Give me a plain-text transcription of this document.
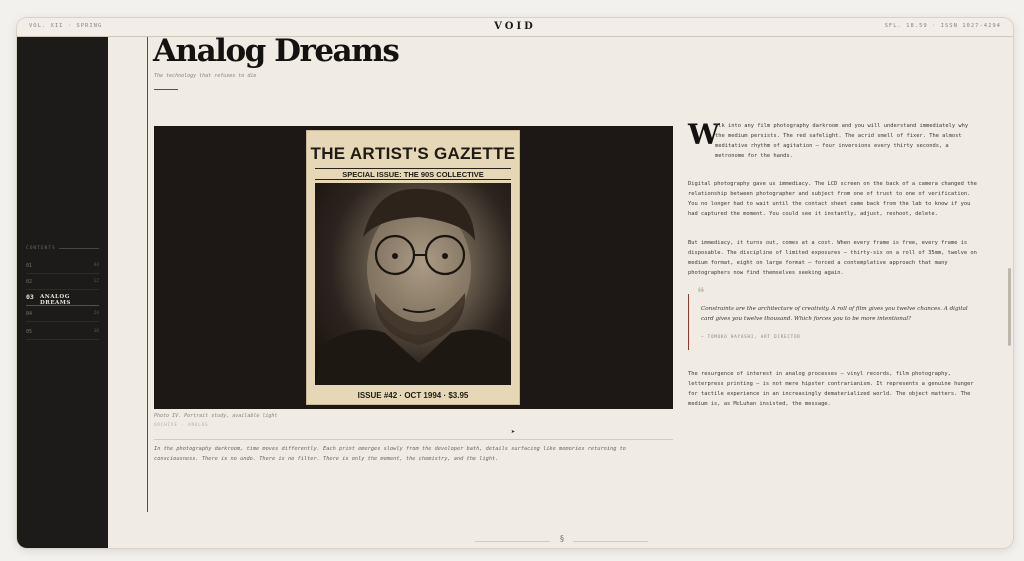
VOL. XII · SPRING	VOID	SFL. 18.59 · ISSN 1027-4294
CONTENTS
01	04
02	12
03 ANALOG DREAMS
04	24
05	30
Analog Dreams
The technology that refuses to die
THE ARTIST'S GAZETTE
SPECIAL ISSUE: THE 90S COLLECTIVE
ISSUE #42 · OCT 1994 · $3.95
Photo IV. Portrait study, available light
ARCHIVE · ANALOG

In the photography darkroom, time moves differently. Each print emerges slowly from the developer bath, details surfacing like memories returning to consciousness. There is no undo. There is no filter. There is only the moment, the chemistry, and the light.

W

alk into any film photography darkroom and you will understand immediately why the medium persists. The red safelight. The acrid smell of fixer. The almost meditative rhythm of agitation — four inversions every thirty seconds, a metronome for the hands.

Digital photography gave us immediacy. The LCD screen on the back of a camera changed the relationship between photographer and subject from one of trust to one of verification. You no longer had to wait until the contact sheet came back from the lab to know if you had captured the moment. You could see it instantly, adjust, reshoot, delete.

But immediacy, it turns out, comes at a cost. When every frame is free, every frame is disposable. The discipline of limited exposures — thirty-six on a roll of 35mm, twelve on medium format, eight on large format — forced a contemplative approach that many photographers now find themselves seeking again.

❝

Constraints are the architecture of creativity. A roll of film gives you twelve chances. A digital card gives you twelve thousand. Which forces you to be more intentional?

— TOMOKO HAYASHI, ART DIRECTOR

The resurgence of interest in analog processes — vinyl records, film photography, letterpress printing — is not mere hipster contrarianism. It represents a genuine hunger for tactile experience in an increasingly dematerialized world. The object matters. The medium is, as McLuhan insisted, the message.

§
➤
